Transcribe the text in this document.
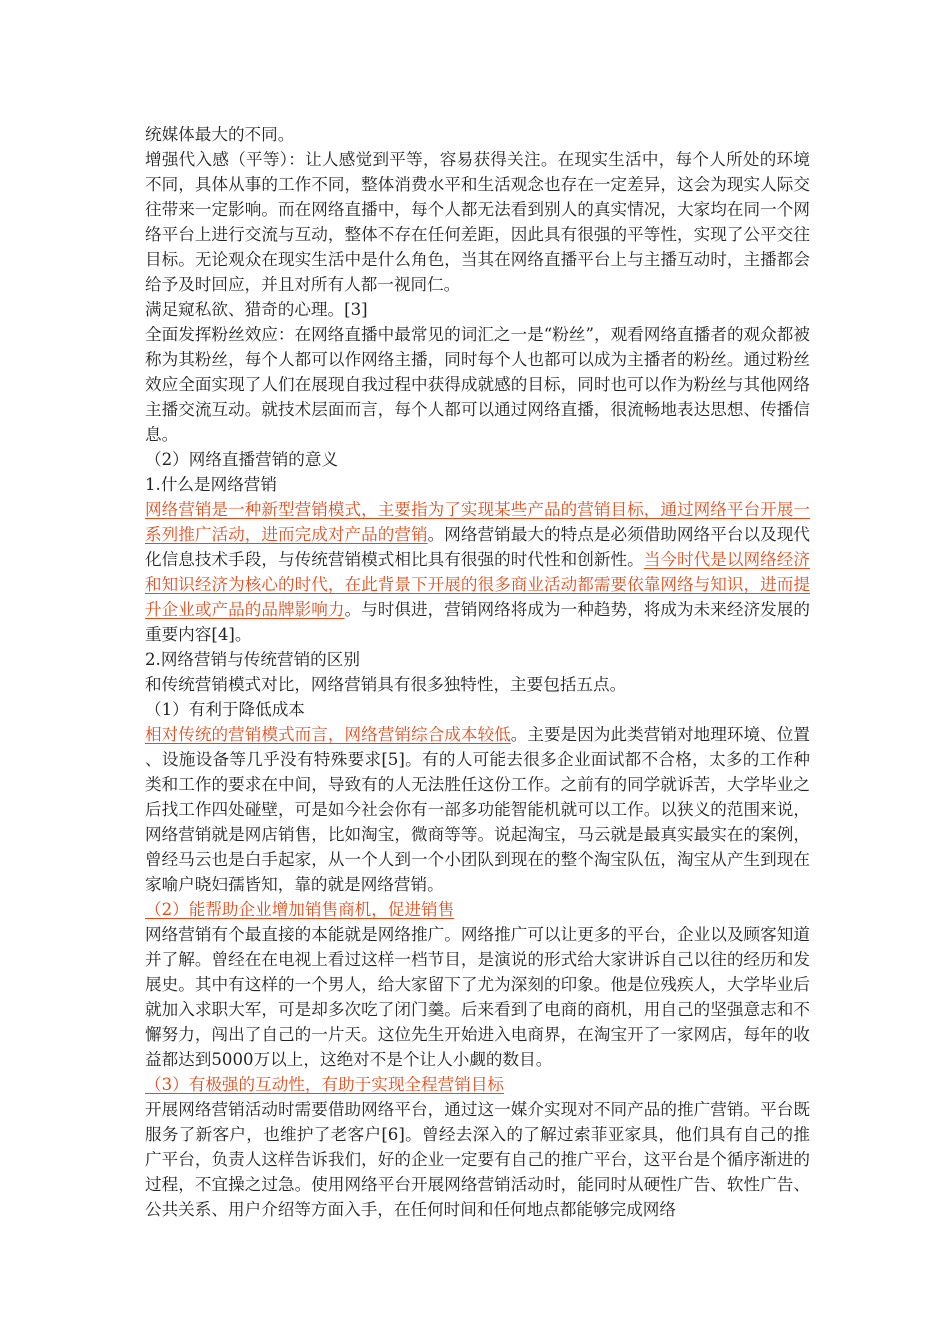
统媒体最大的不同。

增强代入感（平等）：让人感觉到平等，容易获得关注。在现实生活中，每个人所处的环境不同，具体从事的工作不同，整体消费水平和生活观念也存在一定差异，这会为现实人际交往带来一定影响。而在网络直播中，每个人都无法看到别人的真实情况，大家均在同一个网络平台上进行交流与互动，整体不存在任何差距，因此具有很强的平等性，实现了公平交往目标。无论观众在现实生活中是什么角色，当其在网络直播平台上与主播互动时，主播都会给予及时回应，并且对所有人都一视同仁。

满足窥私欲、猎奇的心理。[3]

全面发挥粉丝效应：在网络直播中最常见的词汇之一是“粉丝”，观看网络直播者的观众都被称为其粉丝，每个人都可以作网络主播，同时每个人也都可以成为主播者的粉丝。通过粉丝效应全面实现了人们在展现自我过程中获得成就感的目标，同时也可以作为粉丝与其他网络主播交流互动。就技术层面而言，每个人都可以通过网络直播，很流畅地表达思想、传播信息。

（2）网络直播营销的意义

1.什么是网络营销

网络营销是一种新型营销模式，主要指为了实现某些产品的营销目标，通过网络平台开展一系列推广活动，进而完成对产品的营销。网络营销最大的特点是必须借助网络平台以及现代化信息技术手段，与传统营销模式相比具有很强的时代性和创新性。当今时代是以网络经济和知识经济为核心的时代，在此背景下开展的很多商业活动都需要依靠网络与知识，进而提升企业或产品的品牌影响力。与时俱进，营销网络将成为一种趋势，将成为未来经济发展的重要内容[4]。

2.网络营销与传统营销的区别

和传统营销模式对比，网络营销具有很多独特性，主要包括五点。

（1）有利于降低成本

相对传统的营销模式而言，网络营销综合成本较低。主要是因为此类营销对地理环境、位置、设施设备等几乎没有特殊要求[5]。有的人可能去很多企业面试都不合格，太多的工作种类和工作的要求在中间，导致有的人无法胜任这份工作。之前有的同学就诉苦，大学毕业之后找工作四处碰壁，可是如今社会你有一部多功能智能机就可以工作。以狭义的范围来说，网络营销就是网店销售，比如淘宝，微商等等。说起淘宝，马云就是最真实最实在的案例，曾经马云也是白手起家，从一个人到一个小团队到现在的整个淘宝队伍，淘宝从产生到现在家喻户晓妇孺皆知，靠的就是网络营销。

（2）能帮助企业增加销售商机，促进销售

网络营销有个最直接的本能就是网络推广。网络推广可以让更多的平台，企业以及顾客知道并了解。曾经在在电视上看过这样一档节目，是演说的形式给大家讲诉自己以往的经历和发展史。其中有这样的一个男人，给大家留下了尤为深刻的印象。他是位残疾人，大学毕业后就加入求职大军，可是却多次吃了闭门羹。后来看到了电商的商机，用自己的坚强意志和不懈努力，闯出了自己的一片天。这位先生开始进入电商界，在淘宝开了一家网店，每年的收益都达到5000万以上，这绝对不是个让人小觑的数目。

（3）有极强的互动性，有助于实现全程营销目标

开展网络营销活动时需要借助网络平台，通过这一媒介实现对不同产品的推广营销。平台既服务了新客户，也维护了老客户[6]。曾经去深入的了解过索菲亚家具，他们具有自己的推广平台，负责人这样告诉我们，好的企业一定要有自己的推广平台，这平台是个循序渐进的过程，不宜操之过急。使用网络平台开展网络营销活动时，能同时从硬性广告、软性广告、公共关系、用户介绍等方面入手，在任何时间和任何地点都能够完成网络
